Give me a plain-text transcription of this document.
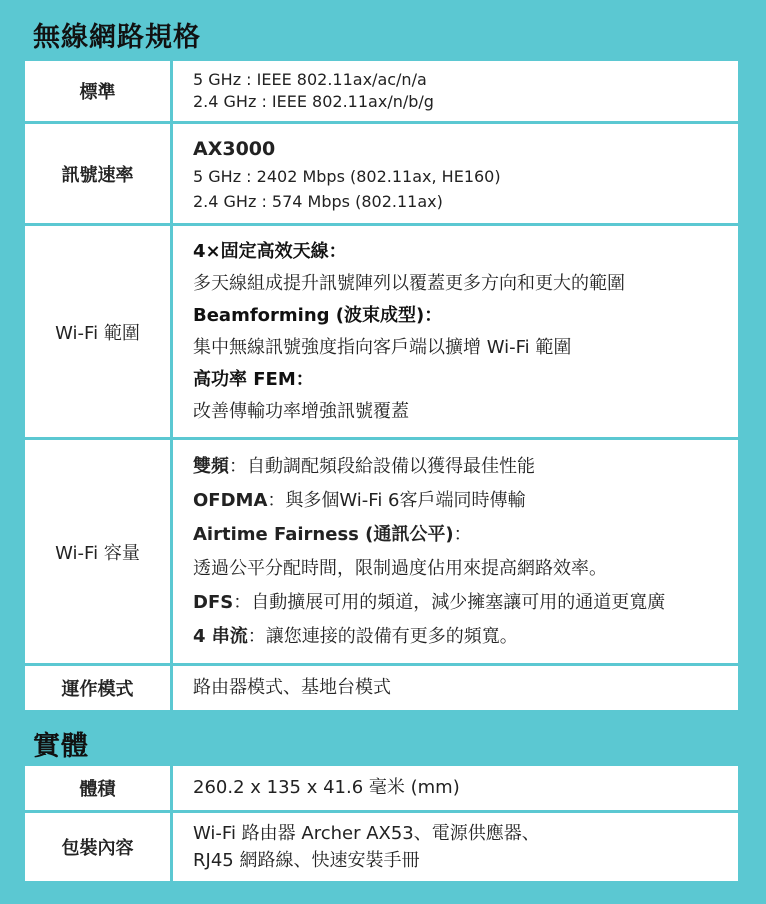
無線網路規格
標準
5 GHz : IEEE 802.11ax/ac/n/a
2.4 GHz : IEEE 802.11ax/n/b/g
訊號速率
AX3000
5 GHz : 2402 Mbps (802.11ax, HE160)
2.4 GHz : 574 Mbps (802.11ax)
Wi-Fi 範圍
4×固定高效天線：
多天線組成提升訊號陣列以覆蓋更多方向和更大的範圍
Beamforming (波束成型)：
集中無線訊號強度指向客戶端以擴增 Wi-Fi 範圍
高功率 FEM：
改善傳輸功率增強訊號覆蓋
Wi-Fi 容量
雙頻：自動調配頻段給設備以獲得最佳性能
OFDMA：與多個Wi-Fi 6客戶端同時傳輸
Airtime Fairness (通訊公平)：
透過公平分配時間，限制過度佔用來提高網路效率。
DFS：自動擴展可用的頻道，減少擁塞讓可用的通道更寬廣
4 串流：讓您連接的設備有更多的頻寬。
運作模式	路由器模式、基地台模式
實體
體積	260.2 x 135 x 41.6 毫米 (mm)
包裝內容
Wi-Fi 路由器 Archer AX53、電源供應器、
RJ45 網路線、快速安裝手冊
